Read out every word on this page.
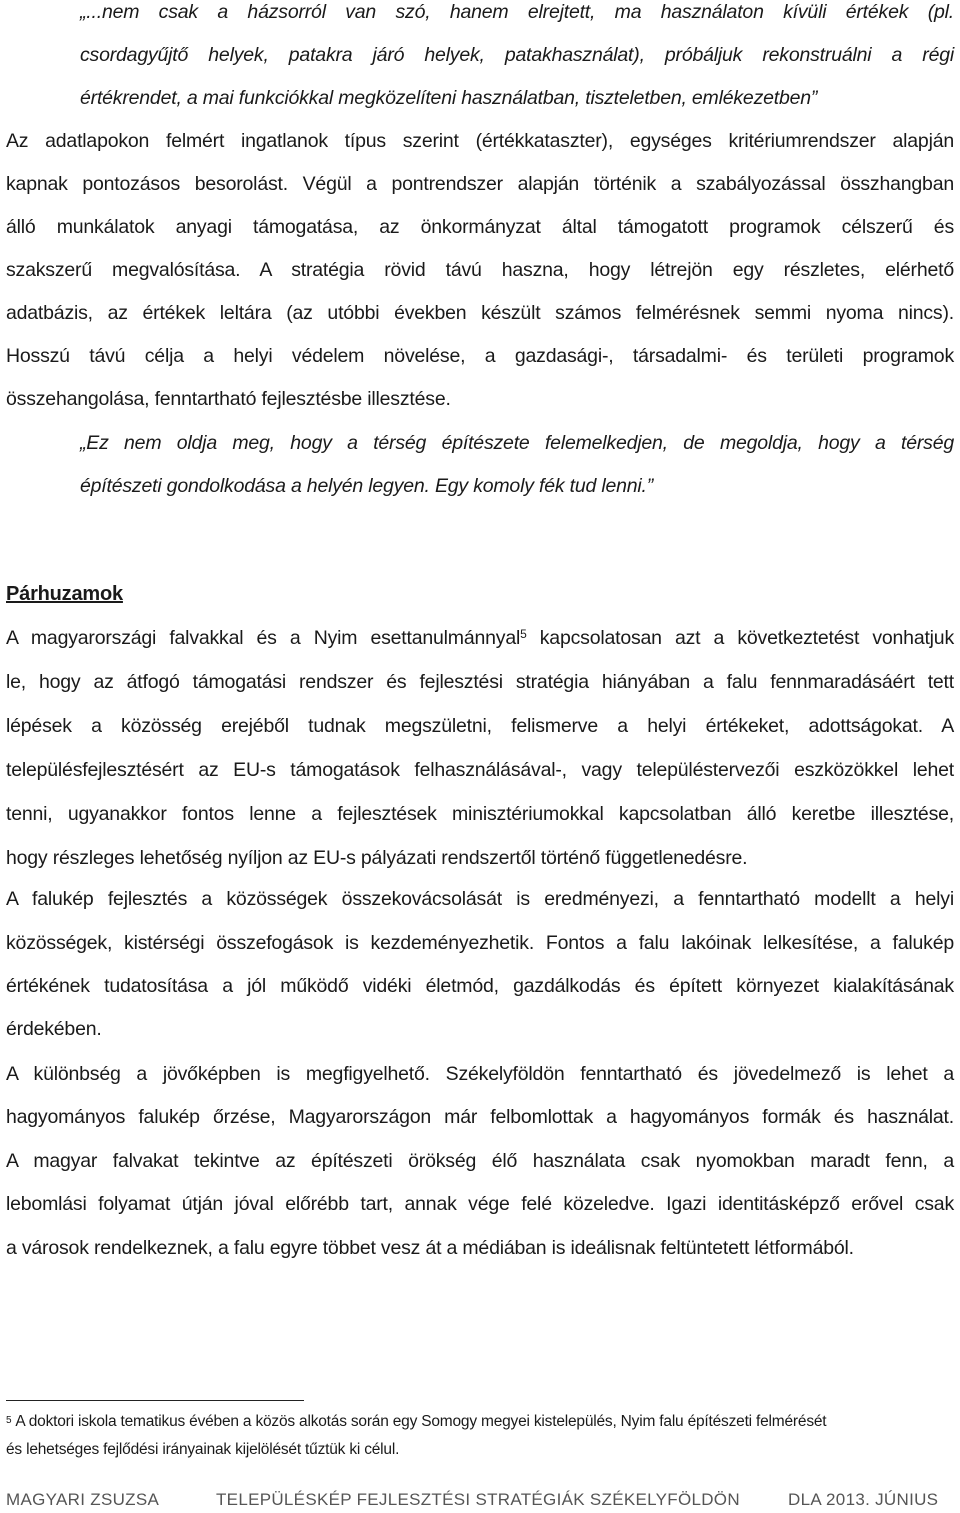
„...nem csak a házsorról van szó, hanem elrejtett, ma használaton kívüli értékek (pl.
csordagyűjtő helyek, patakra járó helyek, patakhasználat), próbáljuk rekonstruálni a régi
értékrendet, a mai funkciókkal megközelíteni használatban, tiszteletben, emlékezetben”
Az adatlapokon felmért ingatlanok típus szerint (értékkataszter), egységes kritériumrendszer alapján
kapnak pontozásos besorolást. Végül a pontrendszer alapján történik a szabályozással összhangban
álló munkálatok anyagi támogatása, az önkormányzat által támogatott programok célszerű és
szakszerű megvalósítása. A stratégia rövid távú haszna, hogy létrejön egy részletes, elérhető
adatbázis, az értékek leltára (az utóbbi években készült számos felmérésnek semmi nyoma nincs).
Hosszú távú célja a helyi védelem növelése, a gazdasági-, társadalmi- és területi programok
összehangolása, fenntartható fejlesztésbe illesztése.
„Ez nem oldja meg, hogy a térség építészete felemelkedjen, de megoldja, hogy a térség
építészeti gondolkodása a helyén legyen. Egy komoly fék tud lenni.”
Párhuzamok
A magyarországi falvakkal és a Nyim esettanulmánnyal$^5$ kapcsolatosan azt a következtetést vonhatjuk
le, hogy az átfogó támogatási rendszer és fejlesztési stratégia hiányában a falu fennmaradásáért tett
lépések a közösség erejéből tudnak megszületni, felismerve a helyi értékeket, adottságokat. A
településfejlesztésért az EU-s támogatások felhasználásával-, vagy településtervezői eszközökkel lehet
tenni, ugyanakkor fontos lenne a fejlesztések minisztériumokkal kapcsolatban álló keretbe illesztése,
hogy részleges lehetőség nyíljon az EU-s pályázati rendszertől történő függetlenedésre.
A falukép fejlesztés a közösségek összekovácsolását is eredményezi, a fenntartható modellt a helyi
közösségek, kistérségi összefogások is kezdeményezhetik. Fontos a falu lakóinak lelkesítése, a falukép
értékének tudatosítása a jól működő vidéki életmód, gazdálkodás és épített környezet kialakításának
érdekében.
A különbség a jövőképben is megfigyelhető. Székelyföldön fenntartható és jövedelmező is lehet a
hagyományos falukép őrzése, Magyarországon már felbomlottak a hagyományos formák és használat.
A magyar falvakat tekintve az építészeti örökség élő használata csak nyomokban maradt fenn, a
lebomlási folyamat útján jóval előrébb tart, annak vége felé közeledve. Igazi identitásképző erővel csak
a városok rendelkeznek, a falu egyre többet vesz át a médiában is ideálisnak feltüntetett létformából.
5 A doktori iskola tematikus évében a közös alkotás során egy Somogy megyei kistelepülés, Nyim falu építészeti felmérését
és lehetséges fejlődési irányainak kijelölését tűztük ki célul.
MAGYARI ZSUZSA	TELEPÜLÉSKÉP FEJLESZTÉSI STRATÉGIÁK SZÉKELYFÖLDÖN	DLA 2013. JÚNIUS
